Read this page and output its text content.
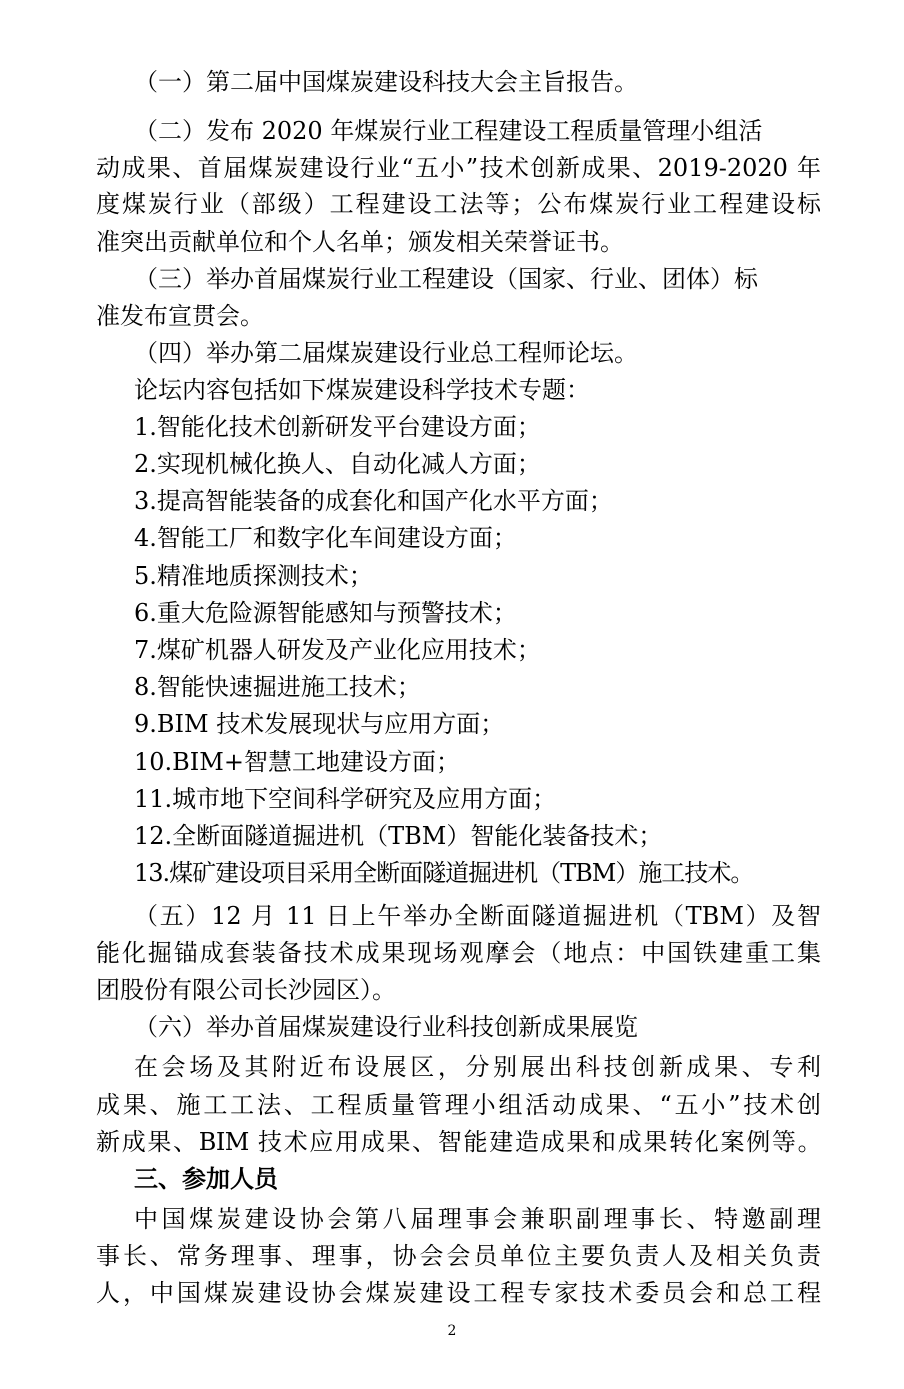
（一）第二届中国煤炭建设科技大会主旨报告。
（二）发布 2020 年煤炭行业工程建设工程质量管理小组活
动成果、首届煤炭建设行业“五小”技术创新成果、2019-2020 年
度煤炭行业（部级）工程建设工法等；公布煤炭行业工程建设标
准突出贡献单位和个人名单；颁发相关荣誉证书。
（三）举办首届煤炭行业工程建设（国家、行业、团体）标
准发布宣贯会。
（四）举办第二届煤炭建设行业总工程师论坛。
论坛内容包括如下煤炭建设科学技术专题：
1.智能化技术创新研发平台建设方面；
2.实现机械化换人、自动化减人方面；
3.提高智能装备的成套化和国产化水平方面；
4.智能工厂和数字化车间建设方面；
5.精准地质探测技术；
6.重大危险源智能感知与预警技术；
7.煤矿机器人研发及产业化应用技术；
8.智能快速掘进施工技术；
9.BIM 技术发展现状与应用方面；
10.BIM+智慧工地建设方面；
11.城市地下空间科学研究及应用方面；
12.全断面隧道掘进机（TBM）智能化装备技术；
13.煤矿建设项目采用全断面隧道掘进机（TBM）施工技术。
（五）12 月 11 日上午举办全断面隧道掘进机（TBM）及智
能化掘锚成套装备技术成果现场观摩会（地点：中国铁建重工集
团股份有限公司长沙园区）。
（六）举办首届煤炭建设行业科技创新成果展览
在会场及其附近布设展区，分别展出科技创新成果、专利
成果、施工工法、工程质量管理小组活动成果、“五小”技术创
新成果、BIM 技术应用成果、智能建造成果和成果转化案例等。
三、参加人员
中国煤炭建设协会第八届理事会兼职副理事长、特邀副理
事长、常务理事、理事，协会会员单位主要负责人及相关负责
人，中国煤炭建设协会煤炭建设工程专家技术委员会和总工程
2
